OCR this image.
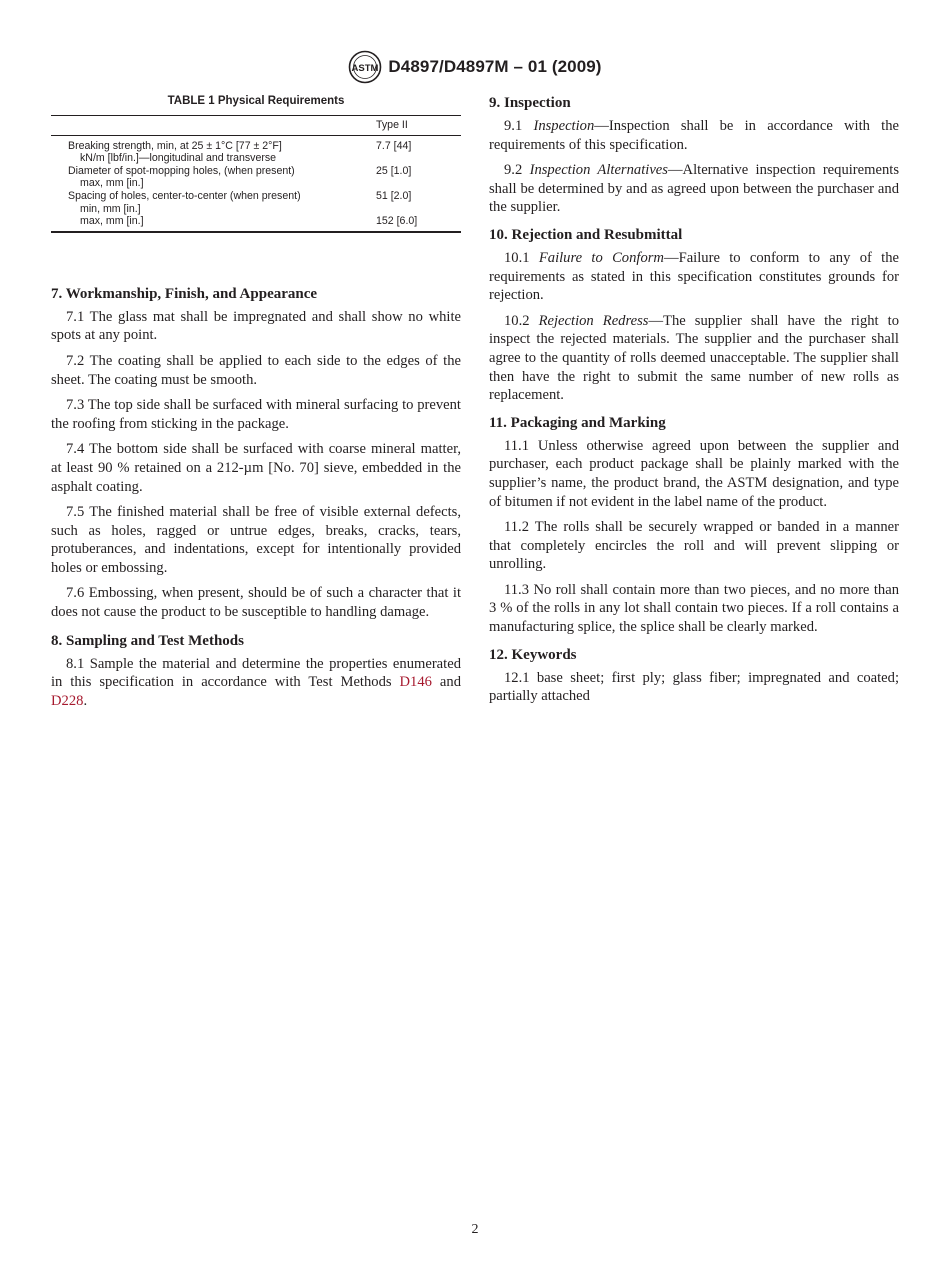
ASTM D4897/D4897M – 01 (2009)
TABLE 1 Physical Requirements
	Type II
Breaking strength, min, at 25 ± 1°C [77 ± 2°F]
kN/m [lbf/in.]—longitudinal and transverse	7.7 [44]
Diameter of spot-mopping holes, (when present)
max, mm [in.]	25 [1.0]
Spacing of holes, center-to-center (when present)
min, mm [in.]	51 [2.0]

max, mm [in.]	152 [6.0]
7. Workmanship, Finish, and Appearance

7.1 The glass mat shall be impregnated and shall show no white spots at any point.

7.2 The coating shall be applied to each side to the edges of the sheet. The coating must be smooth.

7.3 The top side shall be surfaced with mineral surfacing to prevent the roofing from sticking in the package.

7.4 The bottom side shall be surfaced with coarse mineral matter, at least 90 % retained on a 212-µm [No. 70] sieve, embedded in the asphalt coating.

7.5 The finished material shall be free of visible external defects, such as holes, ragged or untrue edges, breaks, cracks, tears, protuberances, and indentations, except for intentionally provided holes or embossing.

7.6 Embossing, when present, should be of such a character that it does not cause the product to be susceptible to handling damage.

8. Sampling and Test Methods

8.1 Sample the material and determine the properties enumerated in this specification in accordance with Test Methods D146 and D228.

9. Inspection

9.1 Inspection—Inspection shall be in accordance with the requirements of this specification.

9.2 Inspection Alternatives—Alternative inspection requirements shall be determined by and as agreed upon between the purchaser and the supplier.

10. Rejection and Resubmittal

10.1 Failure to Conform—Failure to conform to any of the requirements as stated in this specification constitutes grounds for rejection.

10.2 Rejection Redress—The supplier shall have the right to inspect the rejected materials. The supplier and the purchaser shall agree to the quantity of rolls deemed unacceptable. The supplier shall then have the right to submit the same number of new rolls as replacement.

11. Packaging and Marking

11.1 Unless otherwise agreed upon between the supplier and purchaser, each product package shall be plainly marked with the supplier’s name, the product brand, the ASTM designation, and type of bitumen if not evident in the label name of the product.

11.2 The rolls shall be securely wrapped or banded in a manner that completely encircles the roll and will prevent slipping or unrolling.

11.3 No roll shall contain more than two pieces, and no more than 3 % of the rolls in any lot shall contain two pieces. If a roll contains a manufacturing splice, the splice shall be clearly marked.

12. Keywords

12.1 base sheet; first ply; glass fiber; impregnated and coated; partially attached

2
